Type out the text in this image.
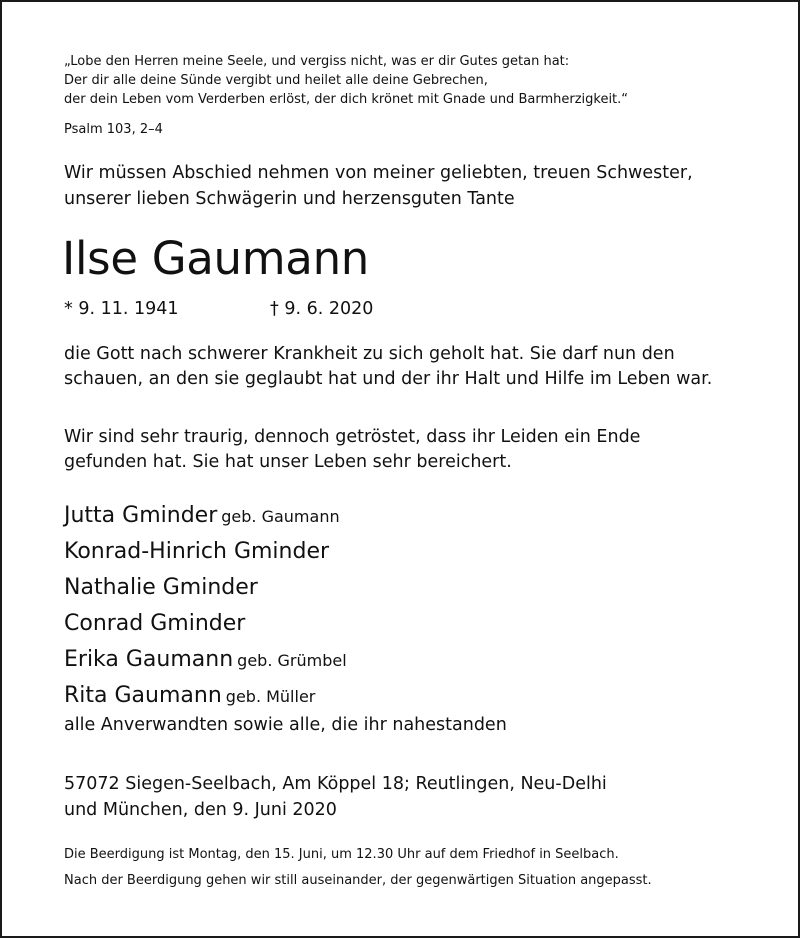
„Lobe den Herren meine Seele, und vergiss nicht, was er dir Gutes getan hat:
Der dir alle deine Sünde vergibt und heilet alle deine Gebrechen,
der dein Leben vom Verderben erlöst, der dich krönet mit Gnade und Barmherzigkeit.“
Psalm 103, 2–4
Wir müssen Abschied nehmen von meiner geliebten, treuen Schwester,
unserer lieben Schwägerin und herzensguten Tante
Ilse Gaumann
* 9. 11. 1941	† 9. 6. 2020
die Gott nach schwerer Krankheit zu sich geholt hat. Sie darf nun den
schauen, an den sie geglaubt hat und der ihr Halt und Hilfe im Leben war.
Wir sind sehr traurig, dennoch getröstet, dass ihr Leiden ein Ende
gefunden hat. Sie hat unser Leben sehr bereichert.
Jutta Gminder geb. Gaumann
Konrad-Hinrich Gminder
Nathalie Gminder
Conrad Gminder
Erika Gaumann geb. Grümbel
Rita Gaumann geb. Müller
alle Anverwandten sowie alle, die ihr nahestanden
57072 Siegen-Seelbach, Am Köppel 18; Reutlingen, Neu-Delhi
und München, den 9. Juni 2020
Die Beerdigung ist Montag, den 15. Juni, um 12.30 Uhr auf dem Friedhof in Seelbach.
Nach der Beerdigung gehen wir still auseinander, der gegenwärtigen Situation angepasst.
